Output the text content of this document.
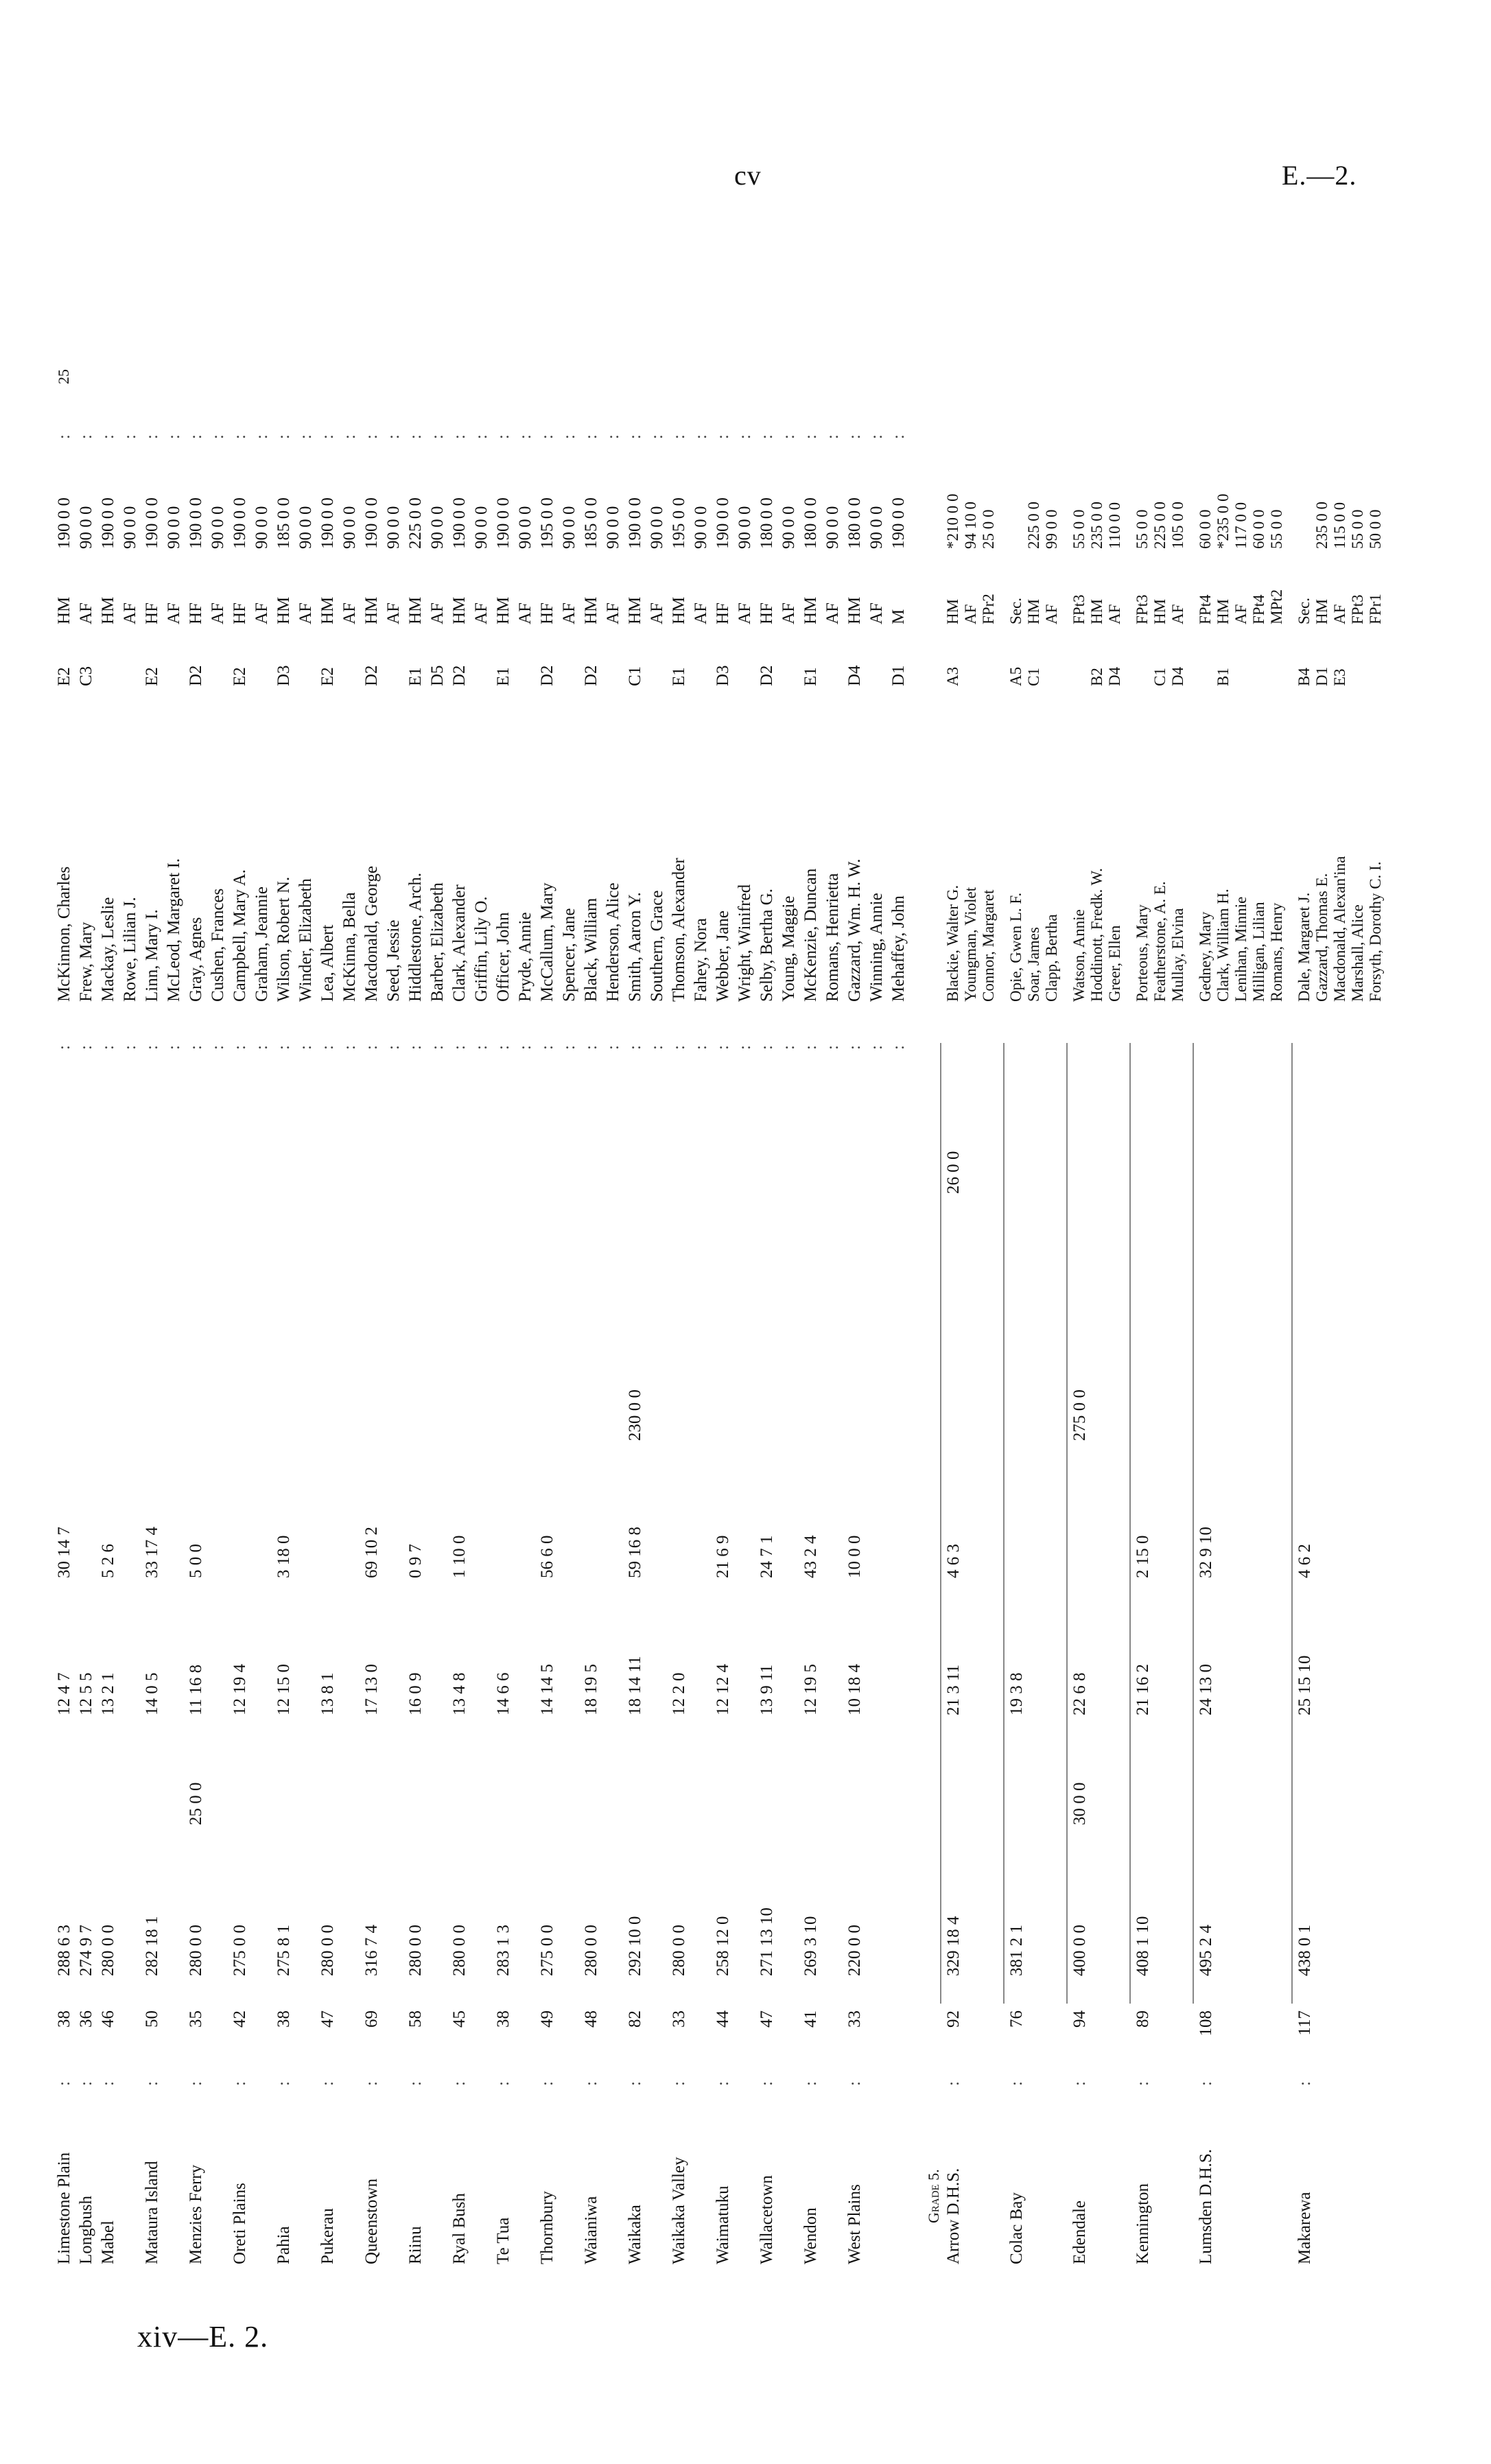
cv	E.—2.
xiv—E. 2.
Limestone Plain
:
38
288 6 3
12 4 7
30 14 7
:
McKinnon, Charles
E2
HM
190 0 0
:
Longbush
:
36
274 9 7
12 5 5
:
Frew, Mary
C3
AF
90 0 0
:
Mabel
:
46
280 0 0
13 2 1
5 2 6
:
Mackay, Leslie
HM
190 0 0
:
:
Rowe, Lilian J.
AF
90 0 0
:
Mataura Island
:
50
282 18 1
14 0 5
33 17 4
:
Linn, Mary I.
E2
HF
190 0 0
:
:
McLeod, Margaret I.
AF
90 0 0
:
Menzies Ferry
:
35
280 0 0
25 0 0
11 16 8
5 0 0
:
Gray, Agnes
D2
HF
190 0 0
:
:
Cushen, Frances
AF
90 0 0
:
Oreti Plains
:
42
275 0 0
12 19 4
:
Campbell, Mary A.
E2
HF
190 0 0
:
:
Graham, Jeannie
AF
90 0 0
:
Pahia
:
38
275 8 1
12 15 0
3 18 0
:
Wilson, Robert N.
D3
HM
185 0 0
:
:
Winder, Elizabeth
AF
90 0 0
:
Pukerau
:
47
280 0 0
13 8 1
:
Lea, Albert
E2
HM
190 0 0
:
:
McKinna, Bella
AF
90 0 0
:
Queenstown
:
69
316 7 4
17 13 0
69 10 2
:
Macdonald, George
D2
HM
190 0 0
:
:
Seed, Jessie
AF
90 0 0
:
Riinu
:
58
280 0 0
16 0 9
0 9 7
:
Hiddlestone, Arch.
E1
HM
225 0 0
:
:
Barber, Elizabeth
D5
AF
90 0 0
:
Ryal Bush
:
45
280 0 0
13 4 8
1 10 0
:
Clark, Alexander
D2
HM
190 0 0
:
:
Griffin, Lily O.
AF
90 0 0
:
Te Tua
:
38
283 1 3
14 6 6
:
Officer, John
E1
HM
190 0 0
:
:
Pryde, Annie
AF
90 0 0
:
Thornbury
:
49
275 0 0
14 14 5
56 6 0
:
McCallum, Mary
D2
HF
195 0 0
:
:
Spencer, Jane
AF
90 0 0
:
Waianiwa
:
48
280 0 0
18 19 5
:
Black, William
D2
HM
185 0 0
:
:
Henderson, Alice
AF
90 0 0
:
Waikaka
:
82
292 10 0
18 14 11
59 16 8
230 0 0
:
Smith, Aaron Y.
C1
HM
190 0 0
:
:
Southern, Grace
AF
90 0 0
:
Waikaka Valley
:
33
280 0 0
12 2 0
:
Thomson, Alexander
E1
HM
195 0 0
:
:
Fahey, Nora
AF
90 0 0
:
Waimatuku
:
44
258 12 0
12 12 4
21 6 9
:
Webber, Jane
D3
HF
190 0 0
:
:
Wright, Winifred
AF
90 0 0
:
Wallacetown
:
47
271 13 10
13 9 11
24 7 1
:
Selby, Bertha G.
D2
HF
180 0 0
:
:
Young, Maggie
AF
90 0 0
:
Wendon
:
41
269 3 10
12 19 5
43 2 4
:
McKenzie, Duncan
E1
HM
180 0 0
:
:
Romans, Henrietta
AF
90 0 0
:
West Plains
:
33
220 0 0
10 18 4
10 0 0
:
Gazzard, Wm. H. W.
D4
HM
180 0 0
:
:
Winning, Annie
AF
90 0 0
:
:
Mehaffey, John
D1
M
190 0 0
:
Grade 5. Arrow D.H.S.
:
92
329 18 4
21 3 11
4 6 3
26 0 0
Blackie, Walter G.
A3
HM
*210 0 0
Youngman, Violet
AF
94 10 0
Connor, Margaret
FPr2
25 0 0
Colac Bay
:
76
381 2 1
19 3 8
Opie, Gwen L. F.
A5
Sec.
Soar, James
C1
HM
225 0 0
Clapp, Bertha
AF
99 0 0
Edendale
:
94
400 0 0
30 0 0
22 6 8
275 0 0
Watson, Annie
FPt3
55 0 0
Hoddinott, Fredk. W.
B2
HM
235 0 0
Greer, Ellen
D4
AF
110 0 0
Kennington
:
89
408 1 10
21 16 2
2 15 0
Porteous, Mary
FPt3
55 0 0
Featherstone, A. E.
C1
HM
225 0 0
Mullay, Elvina
D4
AF
105 0 0
Lumsden D.H.S.
:
108
495 2 4
24 13 0
32 9 10
Gedney, Mary
FPt4
60 0 0
Clark, William H.
B1
HM
*235 0 0
Lenihan, Minnie
AF
117 0 0
Milligan, Lilian
FPt4
60 0 0
Romans, Henry
MPt2
55 0 0
Makarewa
:
117
438 0 1
25 15 10
4 6 2
Dale, Margaret J.
B4
Sec.
Gazzard, Thomas E.
D1
HM
235 0 0
Macdonald, Alexan'ina
E3
AF
115 0 0
Marshall, Alice
FPt3
55 0 0
Forsyth, Dorothy C. I.
FPr1
50 0 0
25
